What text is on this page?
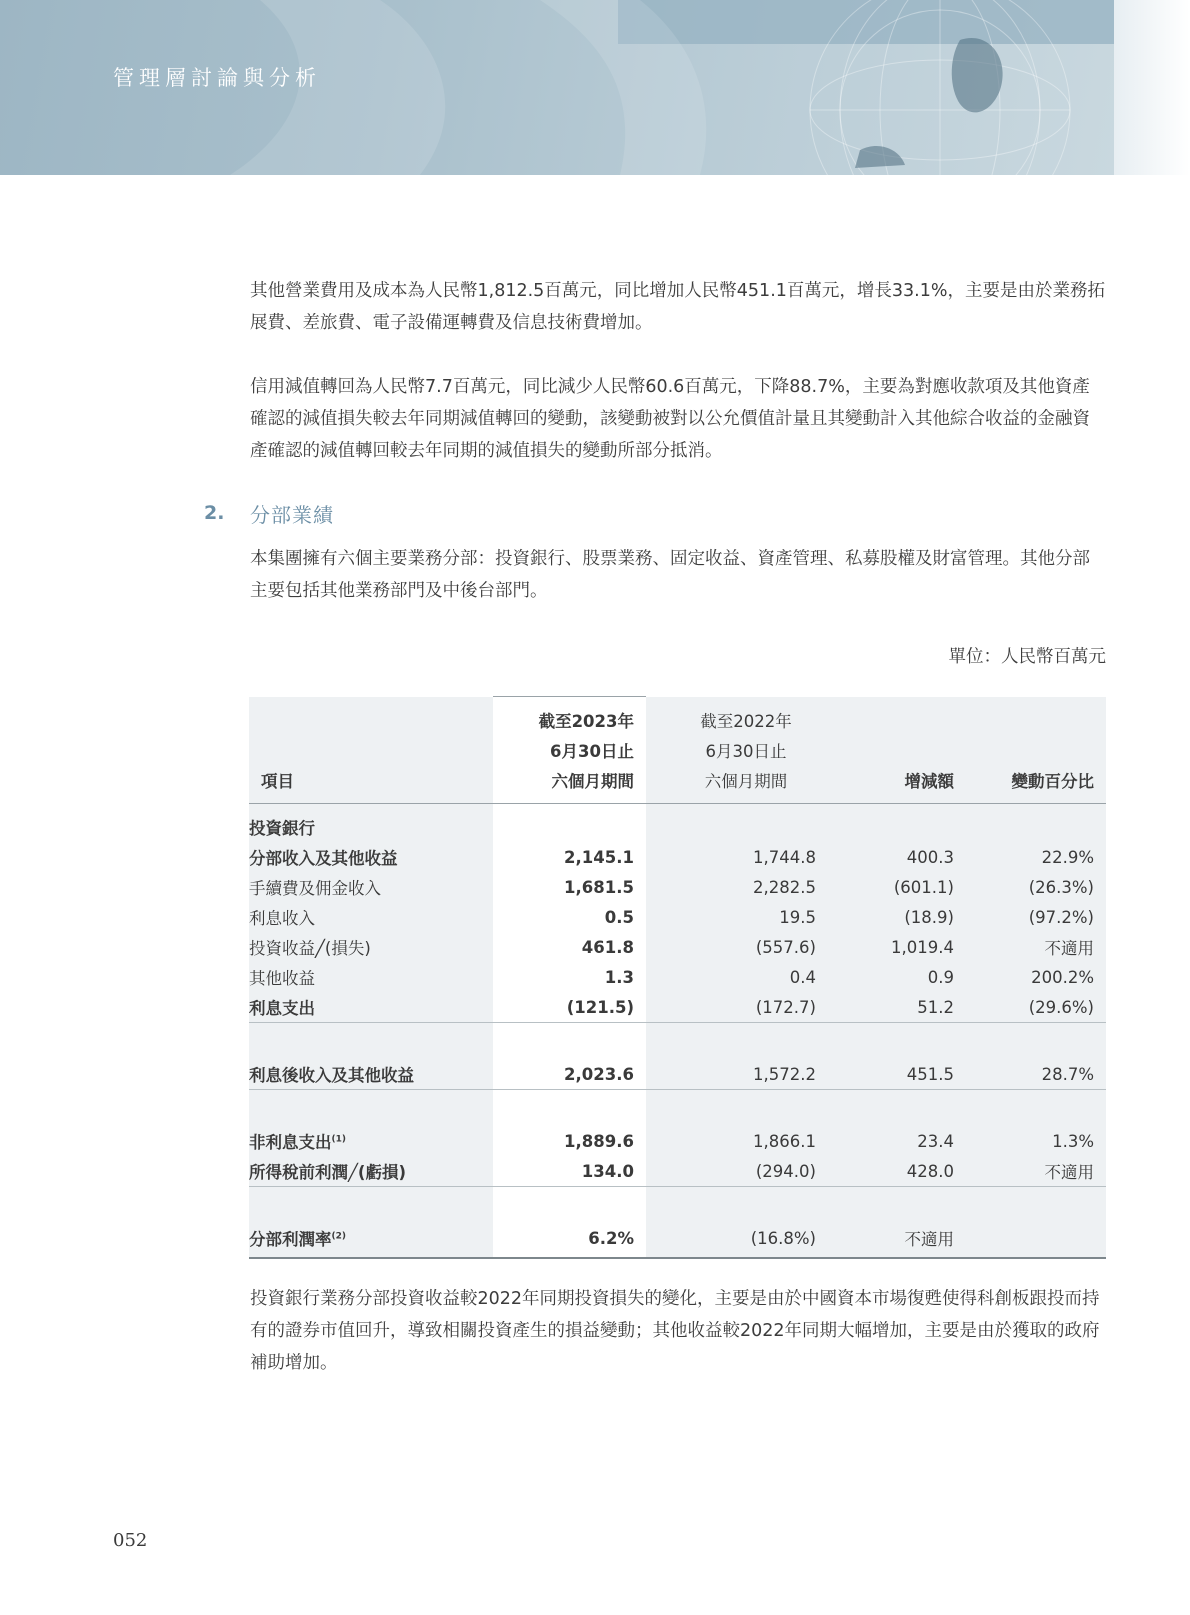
管理層討論與分析

其他營業費用及成本為人民幣1,812.5百萬元，同比增加人民幣451.1百萬元，增長33.1%，主要是由於業務拓展費、差旅費、電子設備運轉費及信息技術費增加。

信用減值轉回為人民幣7.7百萬元，同比減少人民幣60.6百萬元，下降88.7%，主要為對應收款項及其他資產確認的減值損失較去年同期減值轉回的變動，該變動被對以公允價值計量且其變動計入其他綜合收益的金融資產確認的減值轉回較去年同期的減值損失的變動所部分抵消。

2. 分部業績

本集團擁有六個主要業務分部：投資銀行、股票業務、固定收益、資產管理、私募股權及財富管理。其他分部主要包括其他業務部門及中後台部門。

單位：人民幣百萬元
	截至2023年	截至2022年		
	6月30日止	6月30日止		
項目	六個月期間	六個月期間	增減額	變動百分比
投資銀行				
分部收入及其他收益	2,145.1	1,744.8	400.3	22.9%
手續費及佣金收入	1,681.5	2,282.5	(601.1)	(26.3%)
利息收入	0.5	19.5	(18.9)	(97.2%)
投資收益╱(損失)	461.8	(557.6)	1,019.4	不適用
其他收益	1.3	0.4	0.9	200.2%
利息支出	(121.5)	(172.7)	51.2	(29.6%)

利息後收入及其他收益	2,023.6	1,572.2	451.5	28.7%

非利息支出$^{(1)}$	1,889.6	1,866.1	23.4	1.3%
所得稅前利潤╱(虧損)	134.0	(294.0)	428.0	不適用

分部利潤率$^{(2)}$	6.2%	(16.8%)	不適用	

投資銀行業務分部投資收益較2022年同期投資損失的變化，主要是由於中國資本市場復甦使得科創板跟投而持有的證券市值回升，導致相關投資產生的損益變動；其他收益較2022年同期大幅增加，主要是由於獲取的政府補助增加。

052
